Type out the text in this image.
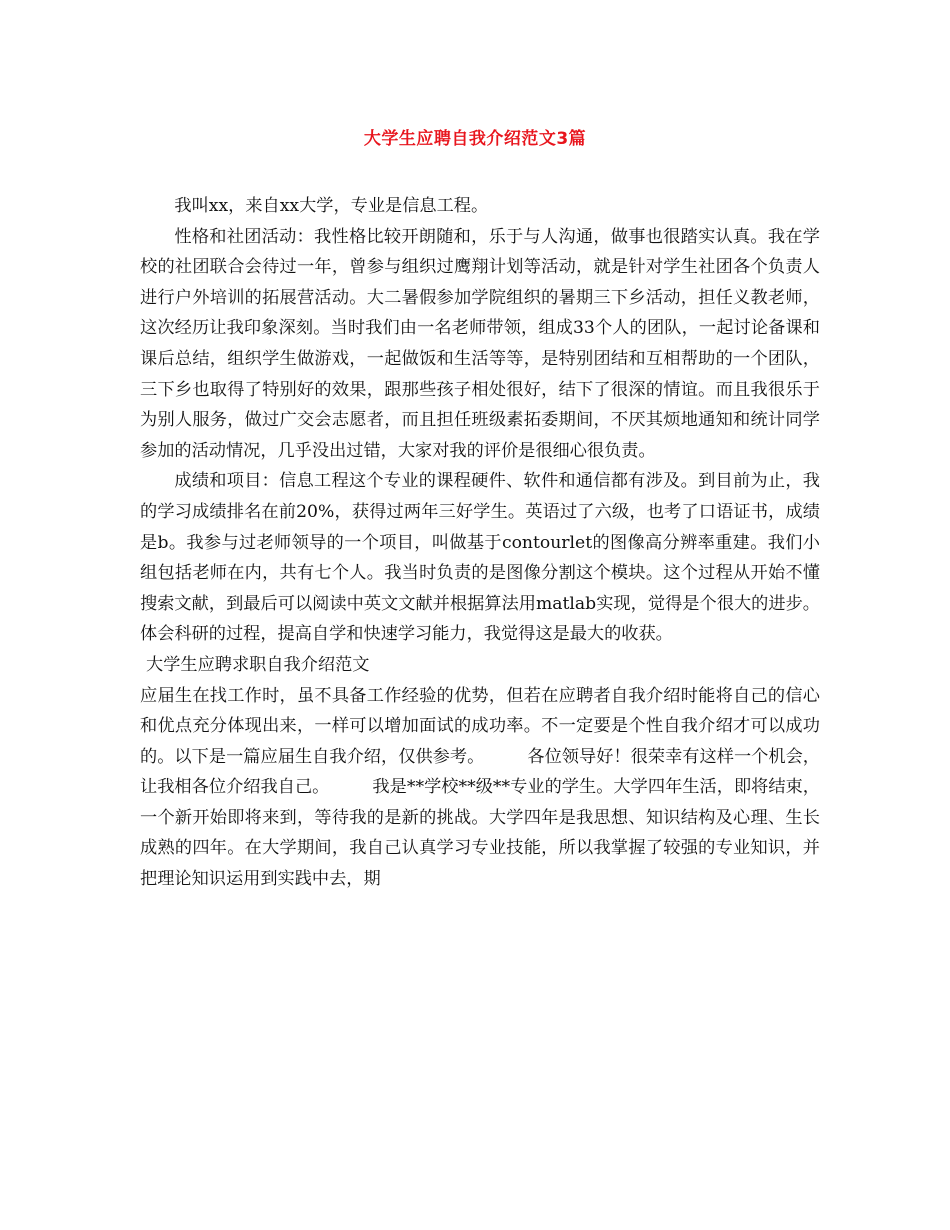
大学生应聘自我介绍范文3篇

我叫xx，来自xx大学，专业是信息工程。

性格和社团活动：我性格比较开朗随和，乐于与人沟通，做事也很踏实认真。我在学校的社团联合会待过一年，曾参与组织过鹰翔计划等活动，就是针对学生社团各个负责人进行户外培训的拓展营活动。大二暑假参加学院组织的暑期三下乡活动，担任义教老师，这次经历让我印象深刻。当时我们由一名老师带领，组成33个人的团队，一起讨论备课和课后总结，组织学生做游戏，一起做饭和生活等等，是特别团结和互相帮助的一个团队，三下乡也取得了特别好的效果，跟那些孩子相处很好，结下了很深的情谊。而且我很乐于为别人服务，做过广交会志愿者，而且担任班级素拓委期间，不厌其烦地通知和统计同学参加的活动情况，几乎没出过错，大家对我的评价是很细心很负责。

成绩和项目：信息工程这个专业的课程硬件、软件和通信都有涉及。到目前为止，我的学习成绩排名在前20%，获得过两年三好学生。英语过了六级，也考了口语证书，成绩是b。我参与过老师领导的一个项目，叫做基于contourlet的图像高分辨率重建。我们小组包括老师在内，共有七个人。我当时负责的是图像分割这个模块。这个过程从开始不懂搜索文献，到最后可以阅读中英文文献并根据算法用matlab实现，觉得是个很大的进步。体会科研的过程，提高自学和快速学习能力，我觉得这是最大的收获。

大学生应聘求职自我介绍范文

应届生在找工作时，虽不具备工作经验的优势，但若在应聘者自我介绍时能将自己的信心和优点充分体现出来，一样可以增加面试的成功率。不一定要是个性自我介绍才可以成功的。以下是一篇应届生自我介绍，仅供参考。　　　各位领导好！很荣幸有这样一个机会，让我相各位介绍我自己。　　　我是**学校**级**专业的学生。大学四年生活，即将结束，一个新开始即将来到，等待我的是新的挑战。大学四年是我思想、知识结构及心理、生长成熟的四年。在大学期间，我自己认真学习专业技能，所以我掌握了较强的专业知识，并把理论知识运用到实践中去，期
